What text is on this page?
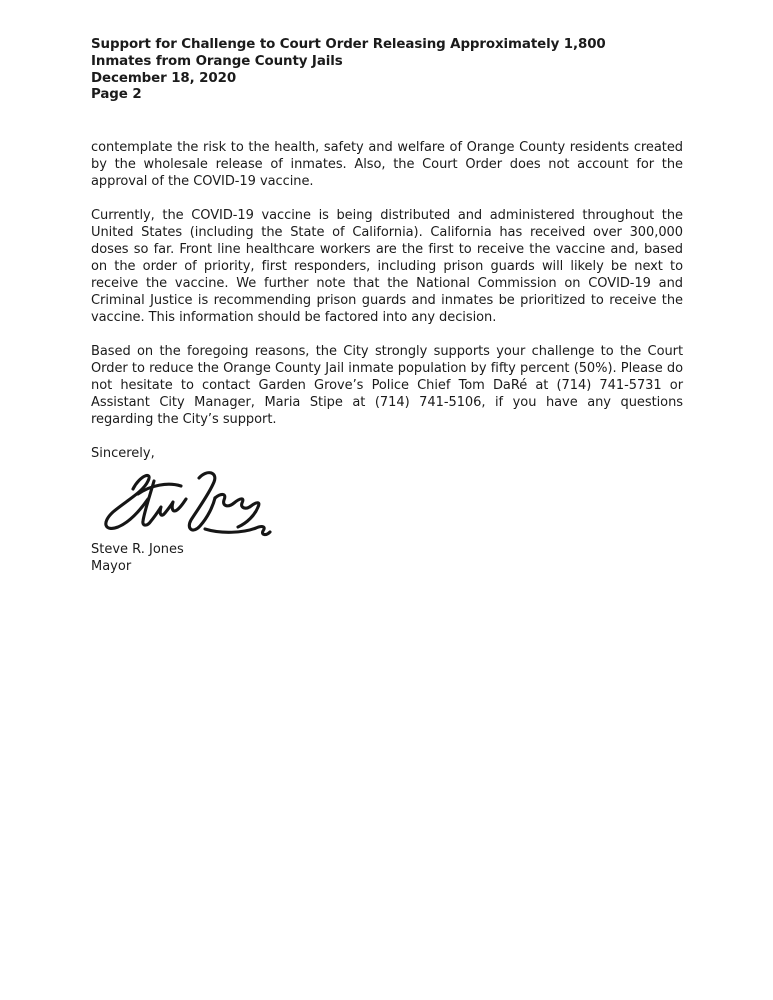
Support for Challenge to Court Order Releasing Approximately 1,800
Inmates from Orange County Jails
December 18, 2020
Page 2

contemplate the risk to the health, safety and welfare of Orange County residents created by the wholesale release of inmates. Also, the Court Order does not account for the approval of the COVID-19 vaccine.

Currently, the COVID-19 vaccine is being distributed and administered throughout the United States (including the State of California). California has received over 300,000 doses so far. Front line healthcare workers are the first to receive the vaccine and, based on the order of priority, first responders, including prison guards will likely be next to receive the vaccine. We further note that the National Commission on COVID-19 and Criminal Justice is recommending prison guards and inmates be prioritized to receive the vaccine. This information should be factored into any decision.

Based on the foregoing reasons, the City strongly supports your challenge to the Court Order to reduce the Orange County Jail inmate population by fifty percent (50%). Please do not hesitate to contact Garden Grove’s Police Chief Tom DaRé at (714) 741-5731 or Assistant City Manager, Maria Stipe at (714) 741-5106, if you have any questions regarding the City’s support.

Sincerely,
Steve R. Jones
Mayor
